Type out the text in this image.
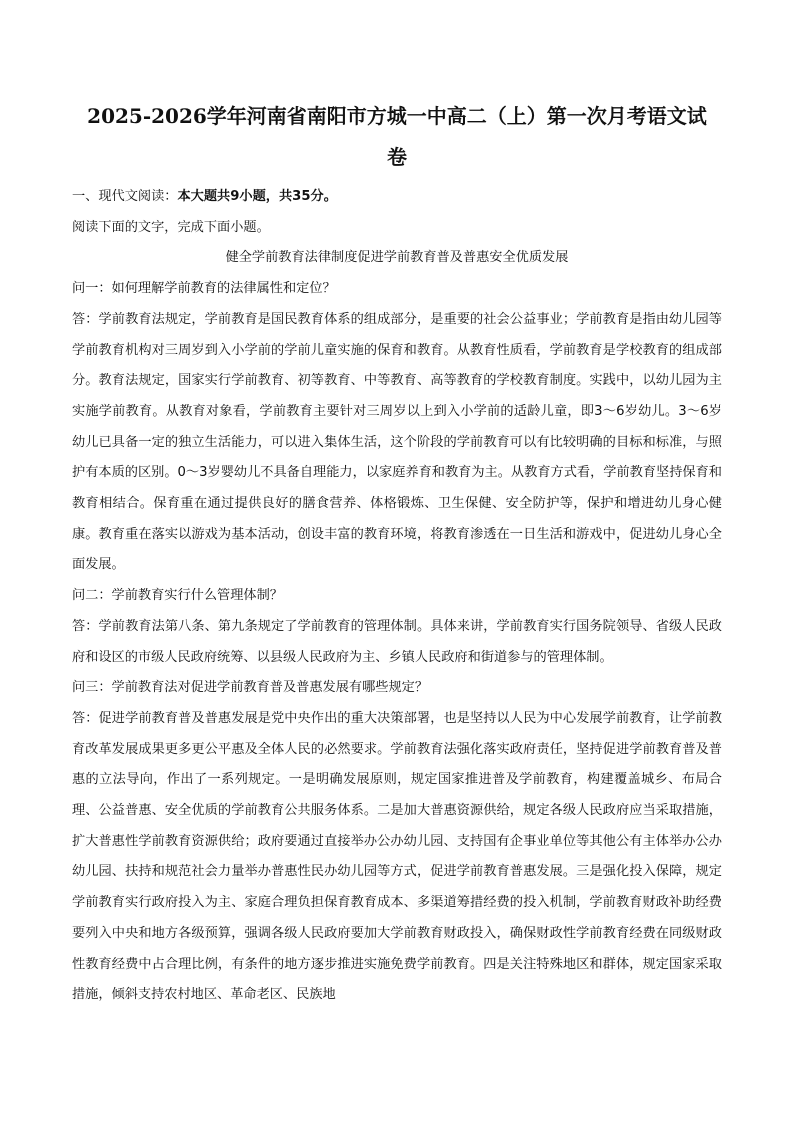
2025-2026学年河南省南阳市方城一中高二（上）第一次月考语文试
卷

一、现代文阅读：本大题共9小题，共35分。

阅读下面的文字，完成下面小题。

健全学前教育法律制度促进学前教育普及普惠安全优质发展

问一：如何理解学前教育的法律属性和定位？

答：学前教育法规定，学前教育是国民教育体系的组成部分，是重要的社会公益事业；学前教育是指由幼儿园等学前教育机构对三周岁到入小学前的学前儿童实施的保育和教育。从教育性质看，学前教育是学校教育的组成部分。教育法规定，国家实行学前教育、初等教育、中等教育、高等教育的学校教育制度。实践中，以幼儿园为主实施学前教育。从教育对象看，学前教育主要针对三周岁以上到入小学前的适龄儿童，即3～6岁幼儿。3～6岁幼儿已具备一定的独立生活能力，可以进入集体生活，这个阶段的学前教育可以有比较明确的目标和标准，与照护有本质的区别。0～3岁婴幼儿不具备自理能力，以家庭养育和教育为主。从教育方式看，学前教育坚持保育和教育相结合。保育重在通过提供良好的膳食营养、体格锻炼、卫生保健、安全防护等，保护和增进幼儿身心健康。教育重在落实以游戏为基本活动，创设丰富的教育环境，将教育渗透在一日生活和游戏中，促进幼儿身心全面发展。

问二：学前教育实行什么管理体制？

答：学前教育法第八条、第九条规定了学前教育的管理体制。具体来讲，学前教育实行国务院领导、省级人民政府和设区的市级人民政府统筹、以县级人民政府为主、乡镇人民政府和街道参与的管理体制。

问三：学前教育法对促进学前教育普及普惠发展有哪些规定？

答：促进学前教育普及普惠发展是党中央作出的重大决策部署，也是坚持以人民为中心发展学前教育，让学前教育改革发展成果更多更公平惠及全体人民的必然要求。学前教育法强化落实政府责任，坚持促进学前教育普及普惠的立法导向，作出了一系列规定。一是明确发展原则，规定国家推进普及学前教育，构建覆盖城乡、布局合理、公益普惠、安全优质的学前教育公共服务体系。二是加大普惠资源供给，规定各级人民政府应当采取措施，扩大普惠性学前教育资源供给；政府要通过直接举办公办幼儿园、支持国有企事业单位等其他公有主体举办公办幼儿园、扶持和规范社会力量举办普惠性民办幼儿园等方式，促进学前教育普惠发展。三是强化投入保障，规定学前教育实行政府投入为主、家庭合理负担保育教育成本、多渠道筹措经费的投入机制，学前教育财政补助经费要列入中央和地方各级预算，强调各级人民政府要加大学前教育财政投入，确保财政性学前教育经费在同级财政性教育经费中占合理比例，有条件的地方逐步推进实施免费学前教育。四是关注特殊地区和群体，规定国家采取措施，倾斜支持农村地区、革命老区、民族地
